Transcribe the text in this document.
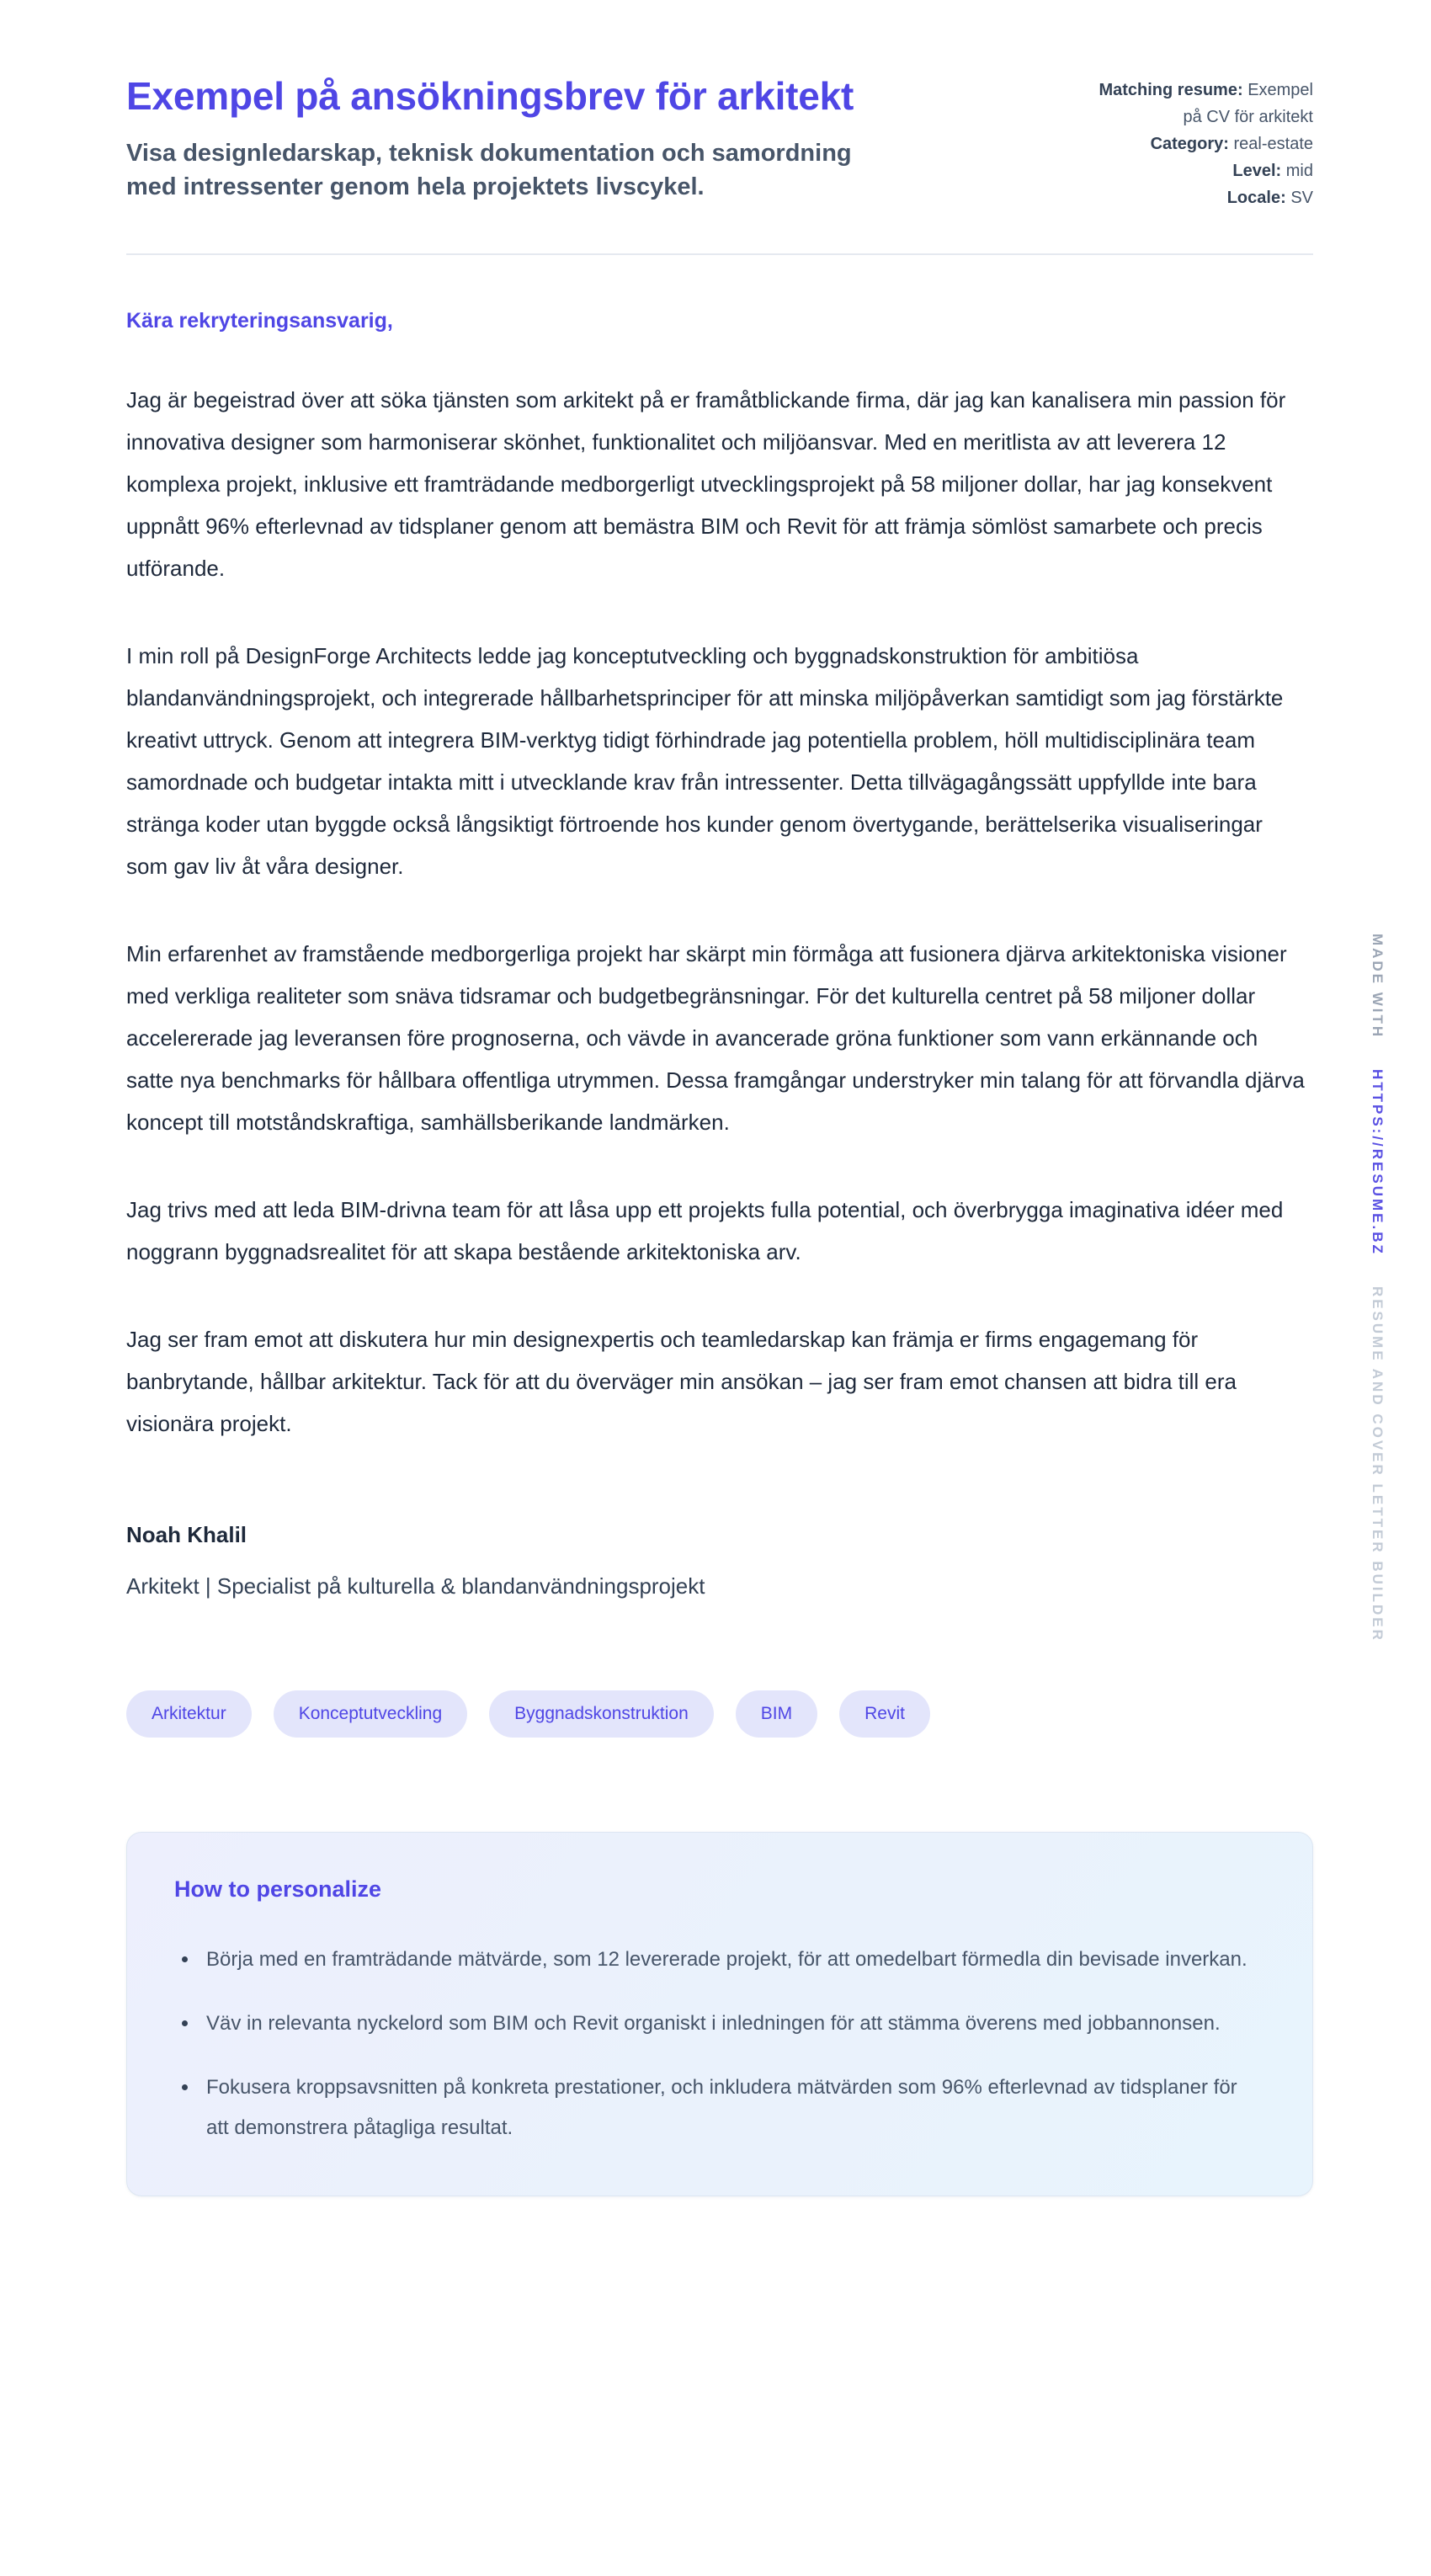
Exempel på ansökningsbrev för arkitekt

Visa designledarskap, teknisk dokumentation och samordning med intressenter genom hela projektets livscykel.

Matching resume: Exempel på CV för arkitekt

Category: real-estate

Level: mid

Locale: SV

Kära rekryteringsansvarig,

Jag är begeistrad över att söka tjänsten som arkitekt på er framåtblickande firma, där jag kan kanalisera min passion för innovativa designer som harmoniserar skönhet, funktionalitet och miljöansvar. Med en meritlista av att leverera 12 komplexa projekt, inklusive ett framträdande medborgerligt utvecklingsprojekt på 58 miljoner dollar, har jag konsekvent uppnått 96% efterlevnad av tidsplaner genom att bemästra BIM och Revit för att främja sömlöst samarbete och precis utförande.

I min roll på DesignForge Architects ledde jag konceptutveckling och byggnadskonstruktion för ambitiösa blandanvändningsprojekt, och integrerade hållbarhetsprinciper för att minska miljöpåverkan samtidigt som jag förstärkte kreativt uttryck. Genom att integrera BIM-verktyg tidigt förhindrade jag potentiella problem, höll multidisciplinära team samordnade och budgetar intakta mitt i utvecklande krav från intressenter. Detta tillvägagångssätt uppfyllde inte bara stränga koder utan byggde också långsiktigt förtroende hos kunder genom övertygande, berättelserika visualiseringar som gav liv åt våra designer.

Min erfarenhet av framstående medborgerliga projekt har skärpt min förmåga att fusionera djärva arkitektoniska visioner med verkliga realiteter som snäva tidsramar och budgetbegränsningar. För det kulturella centret på 58 miljoner dollar accelererade jag leveransen före prognoserna, och vävde in avancerade gröna funktioner som vann erkännande och satte nya benchmarks för hållbara offentliga utrymmen. Dessa framgångar understryker min talang för att förvandla djärva koncept till motståndskraftiga, samhällsberikande landmärken.

Jag trivs med att leda BIM-drivna team för att låsa upp ett projekts fulla potential, och överbrygga imaginativa idéer med noggrann byggnadsrealitet för att skapa bestående arkitektoniska arv.

Jag ser fram emot att diskutera hur min designexpertis och teamledarskap kan främja er firms engagemang för banbrytande, hållbar arkitektur. Tack för att du överväger min ansökan – jag ser fram emot chansen att bidra till era visionära projekt.

Noah Khalil

Arkitekt | Specialist på kulturella & blandanvändningsprojekt

Arkitektur	Konceptutveckling	Byggnadskonstruktion	BIM	Revit
How to personalize
• Börja med en framträdande mätvärde, som 12 levererade projekt, för att omedelbart förmedla din bevisade inverkan.
• Väv in relevanta nyckelord som BIM och Revit organiskt i inledningen för att stämma överens med jobbannonsen.
• Fokusera kroppsavsnitten på konkreta prestationer, och inkludera mätvärden som 96% efterlevnad av tidsplaner för att demonstrera påtagliga resultat.
MADE WITH
HTTPS://RESUME.BZ
RESUME AND COVER LETTER BUILDER
